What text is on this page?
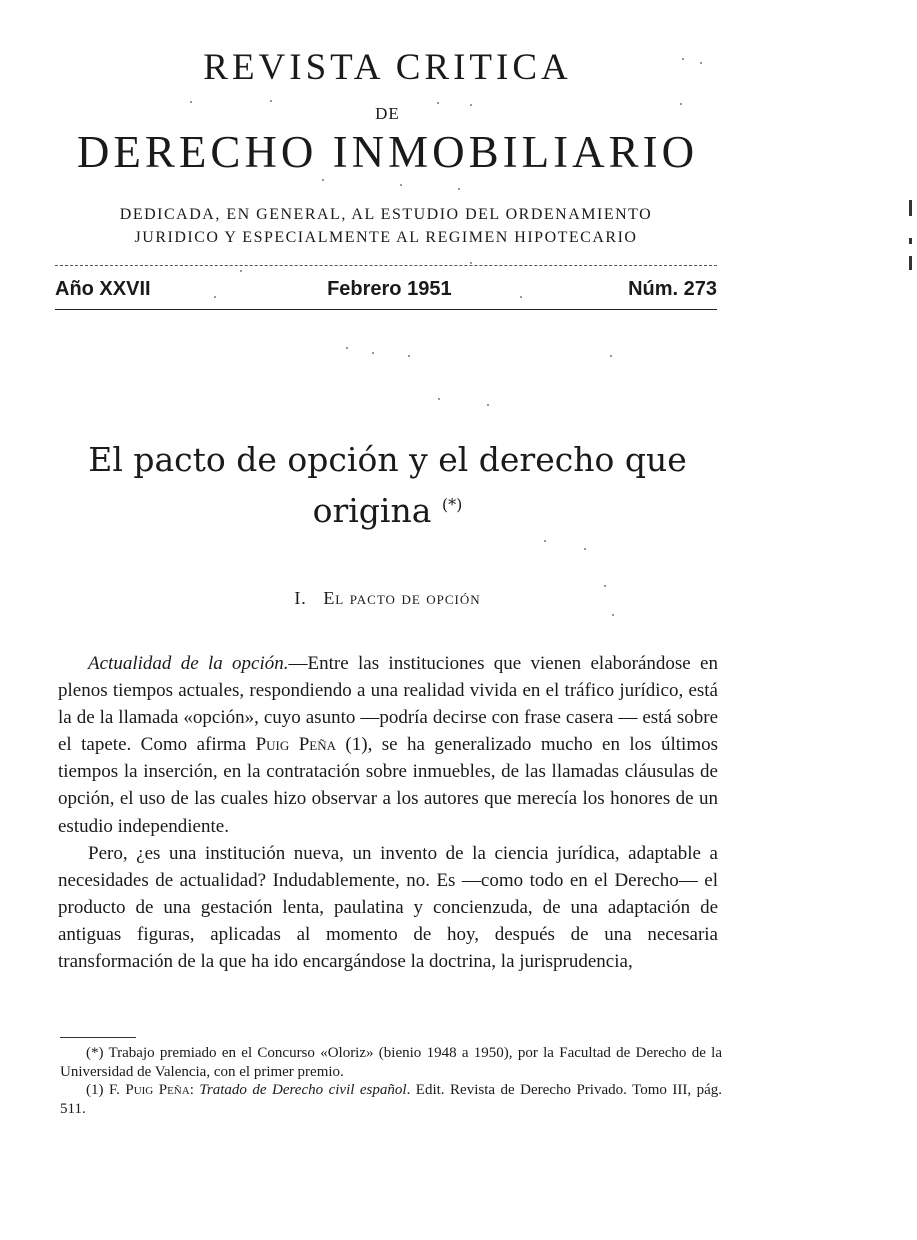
REVISTA CRITICA
DE
DERECHO INMOBILIARIO
DEDICADA, EN GENERAL, AL ESTUDIO DEL ORDENAMIENTO
JURIDICO Y ESPECIALMENTE AL REGIMEN HIPOTECARIO
Año XXVII	Febrero 1951	Núm. 273
El pacto de opción y el derecho que
origina (*)
I. El pacto de opción

Actualidad de la opción.—Entre las instituciones que vienen elaborándose en plenos tiempos actuales, respondiendo a una realidad vivida en el tráfico jurídico, está la de la llamada «opción», cuyo asunto —podría decirse con frase casera — está sobre el tapete. Como afirma Puig Peña (1), se ha generalizado mucho en los últimos tiempos la inserción, en la contratación sobre inmuebles, de las llamadas cláusulas de opción, el uso de las cuales hizo observar a los autores que merecía los honores de un estudio independiente.

Pero, ¿es una institución nueva, un invento de la ciencia jurídica, adaptable a necesidades de actualidad? Indudablemente, no. Es —como todo en el Derecho— el producto de una gestación lenta, paulatina y concienzuda, de una adaptación de antiguas figuras, aplicadas al momento de hoy, después de una necesaria transformación de la que ha ido encargándose la doctrina, la jurisprudencia,

(*) Trabajo premiado en el Concurso «Oloriz» (bienio 1948 a 1950), por la Facultad de Derecho de la Universidad de Valencia, con el primer premio.

(1) F. Puig Peña: Tratado de Derecho civil español. Edit. Revista de Derecho Privado. Tomo III, pág. 511.
